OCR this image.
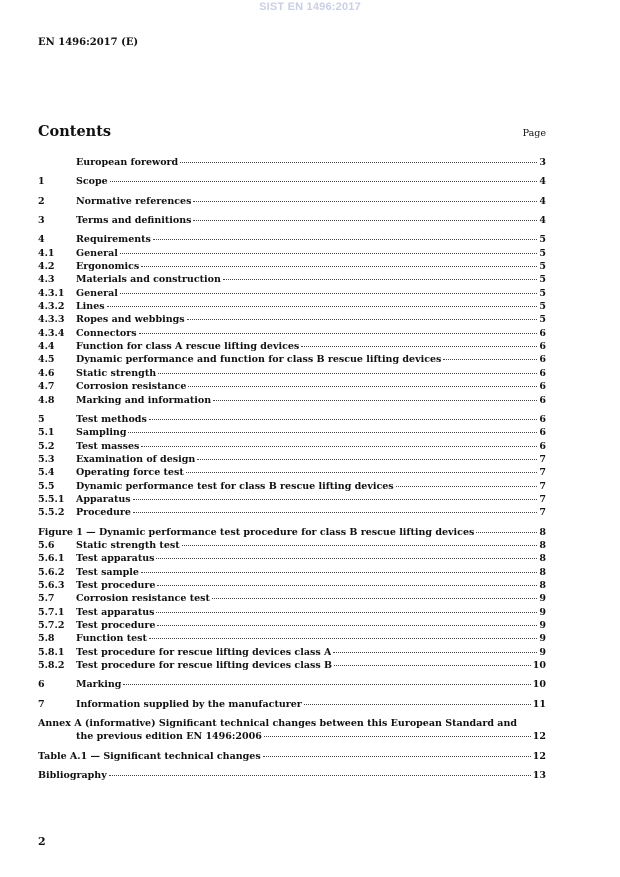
SIST EN 1496:2017
EN 1496:2017 (E)
Contents	Page
European foreword	3
1	Scope	4
2	Normative references	4
3	Terms and definitions	4
4	Requirements	5
4.1	General	5
4.2	Ergonomics	5
4.3	Materials and construction	5
4.3.1	General	5
4.3.2	Lines	5
4.3.3	Ropes and webbings	5
4.3.4	Connectors	6
4.4	Function for class A rescue lifting devices	6
4.5	Dynamic performance and function for class B rescue lifting devices	6
4.6	Static strength	6
4.7	Corrosion resistance	6
4.8	Marking and information	6
5	Test methods	6
5.1	Sampling	6
5.2	Test masses	6
5.3	Examination of design	7
5.4	Operating force test	7
5.5	Dynamic performance test for class B rescue lifting devices	7
5.5.1	Apparatus	7
5.5.2	Procedure	7
Figure 1 — Dynamic performance test procedure for class B rescue lifting devices	8
5.6	Static strength test	8
5.6.1	Test apparatus	8
5.6.2	Test sample	8
5.6.3	Test procedure	8
5.7	Corrosion resistance test	9
5.7.1	Test apparatus	9
5.7.2	Test procedure	9
5.8	Function test	9
5.8.1	Test procedure for rescue lifting devices class A	9
5.8.2	Test procedure for rescue lifting devices class B	10
6	Marking	10
7	Information supplied by the manufacturer	11
Annex A (informative) Significant technical changes between this European Standard and
the previous edition EN 1496:2006	12
Table A.1 — Significant technical changes	12
Bibliography	13
2
